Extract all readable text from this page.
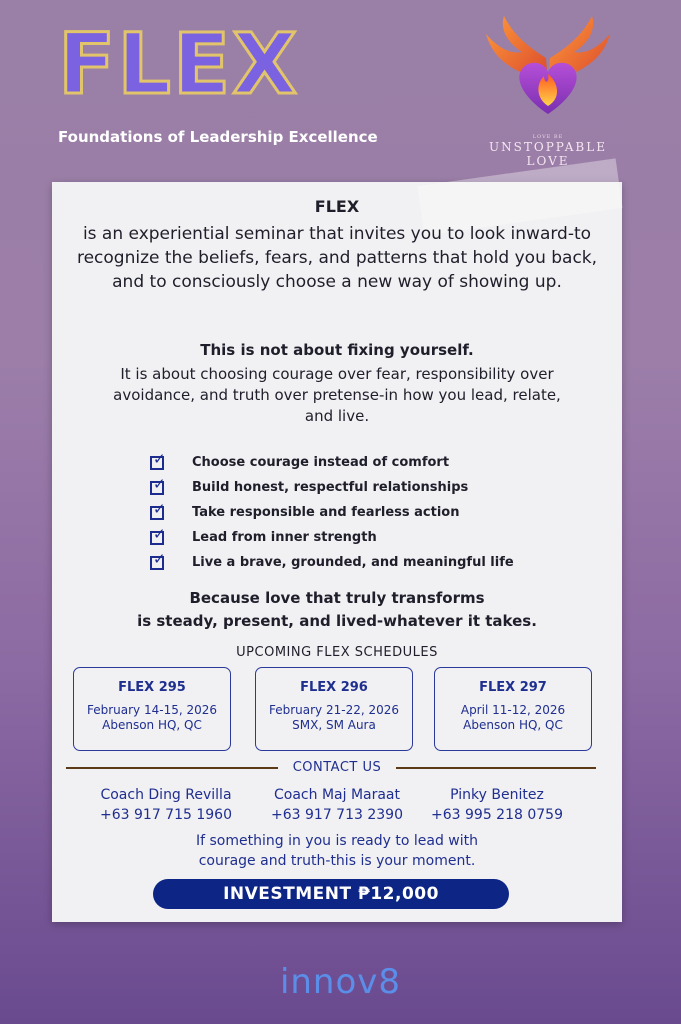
FLEX
Foundations of Leadership Excellence	LOVE BE
UNSTOPPABLE
LOVE
FLEX
is an experiential seminar that invites you to look inward-to recognize the beliefs, fears, and patterns that hold you back, and to consciously choose a new way of showing up.
This is not about fixing yourself.
It is about choosing courage over fear, responsibility over avoidance, and truth over pretense-in how you lead, relate, and live.
✓ Choose courage instead of comfort
✓ Build honest, respectful relationships
✓ Take responsible and fearless action
✓ Lead from inner strength
✓ Live a brave, grounded, and meaningful life
Because love that truly transforms
is steady, present, and lived-whatever it takes.
UPCOMING FLEX SCHEDULES
FLEX 295
February 14-15, 2026
Abenson HQ, QC
FLEX 296
February 21-22, 2026
SMX, SM Aura
FLEX 297
April 11-12, 2026
Abenson HQ, QC
CONTACT US
Coach Ding Revilla
+63 917 715 1960
Coach Maj Maraat
+63 917 713 2390
Pinky Benitez
+63 995 218 0759
If something in you is ready to lead with
courage and truth-this is your moment.
INVESTMENT ₱12,000
innov8
